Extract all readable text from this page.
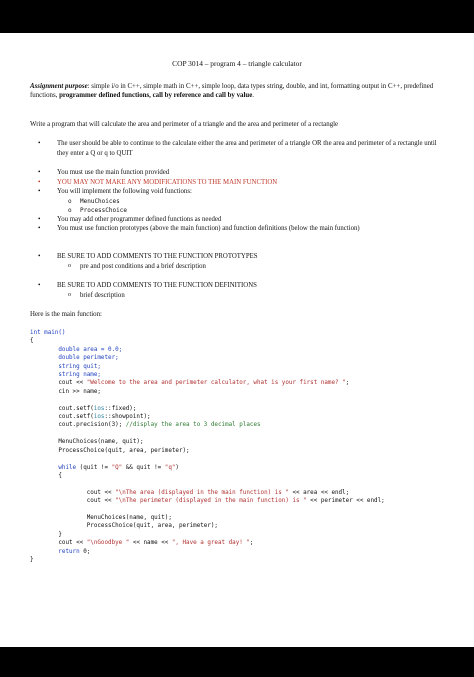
COP 3014 – program 4 – triangle calculator
Assignment purpose: simple i/o in C++, simple math in C++, simple loop, data types string, double, and int, formatting output in C++, predefined functions, programmer defined functions, call by reference and call by value.
Write a program that will calculate the area and perimeter of a triangle and the area and perimeter of a rectangle
• The user should be able to continue to the calculate either the area and perimeter of a triangle OR the area and perimeter of a rectangle until they enter a Q or q to QUIT
• You must use the main function provided
• YOU MAY NOT MAKE ANY MODIFICATIONS TO THE MAIN FUNCTION
• You will implement the following void functions:
o MenuChoices
o ProcessChoice
• You may add other programmer defined functions as needed
• You must use function prototypes (above the main function) and function definitions (below the main function)
• BE SURE TO ADD COMMENTS TO THE FUNCTION PROTOTYPES
o pre and post conditions and a brief description
• BE SURE TO ADD COMMENTS TO THE FUNCTION DEFINITIONS
o brief description
Here is the main function:
int main()
{
double area = 0.0;
double perimeter;
string quit;
string name;
cout << "Welcome to the area and perimeter calculator, what is your first name? ";
cin >> name;

cout.setf(ios::fixed);
cout.setf(ios::showpoint);
cout.precision(3); //display the area to 3 decimal places

MenuChoices(name, quit);
ProcessChoice(quit, area, perimeter);

while (quit != "Q" && quit != "q")
{

cout << "\nThe area (displayed in the main function) is " << area << endl;
cout << "\nThe perimeter (displayed in the main function) is " << perimeter << endl;

MenuChoices(name, quit);
ProcessChoice(quit, area, perimeter);
}
cout << "\nGoodbye " << name << ", Have a great day! ";
return 0;
}
